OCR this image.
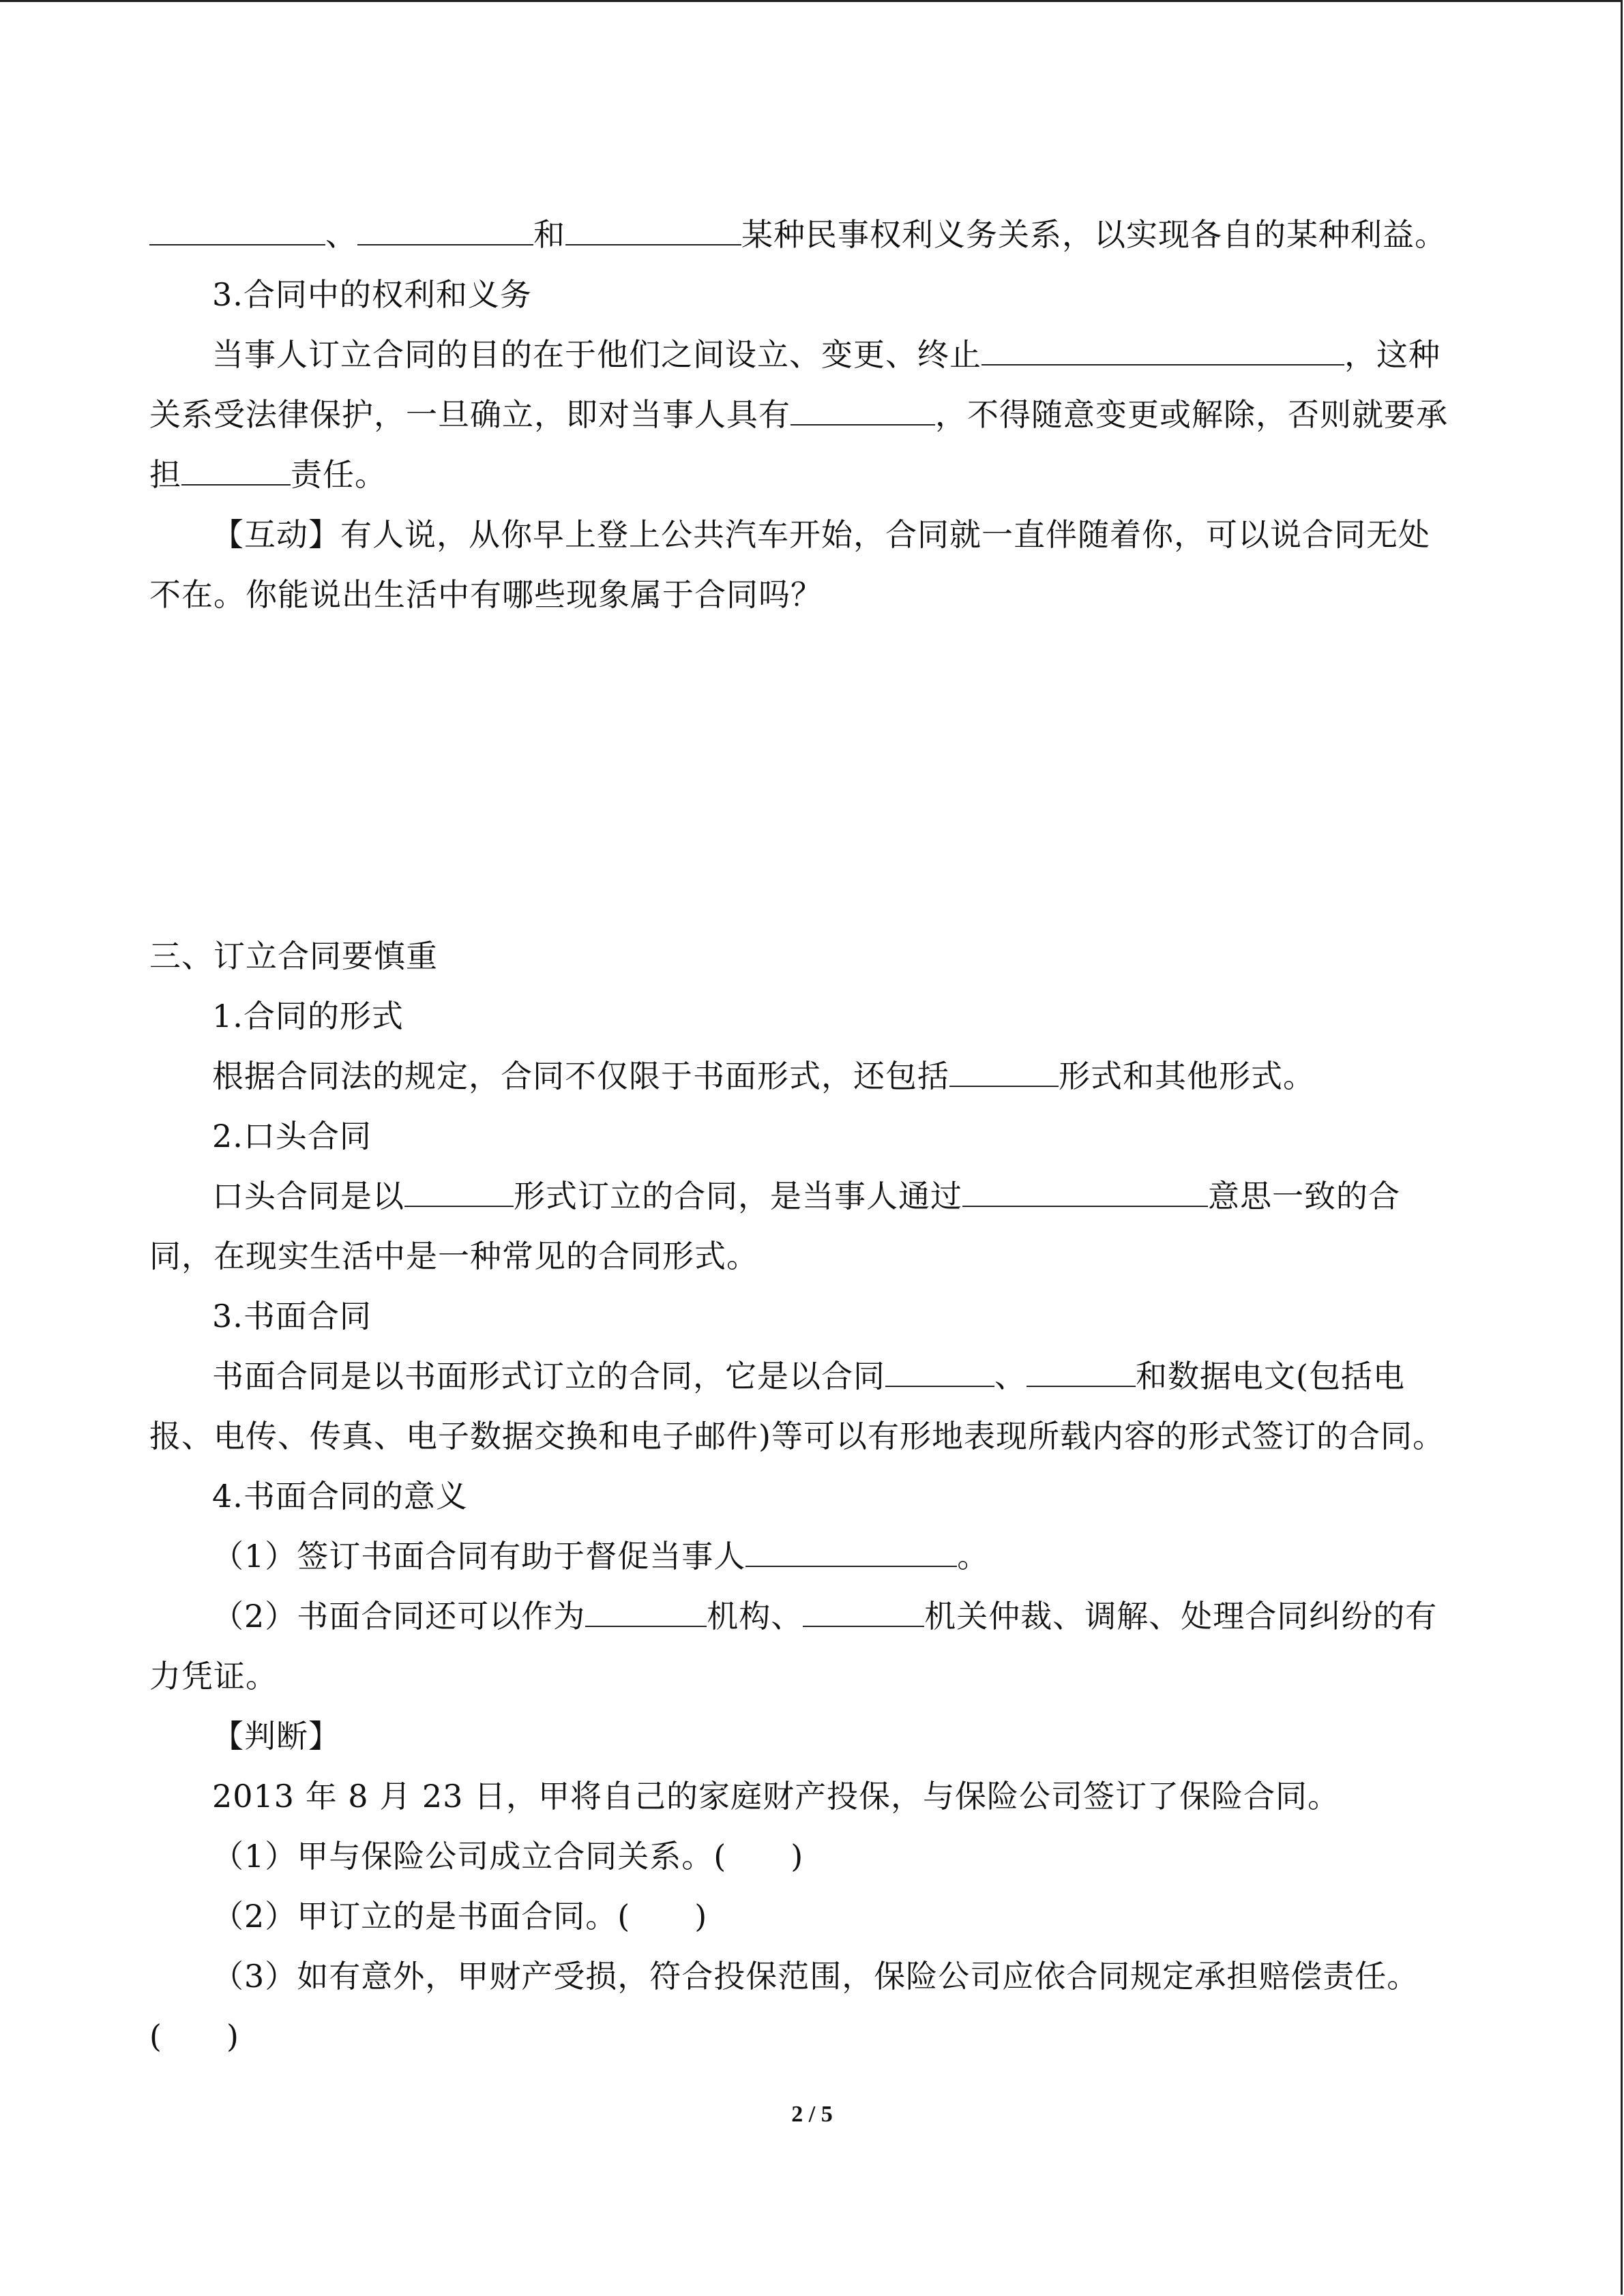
、	和	某种民事权利义务关系，以实现各自的某种利益。
3.合同中的权利和义务
当事人订立合同的目的在于他们之间设立、变更、终止	，这种
关系受法律保护，一旦确立，即对当事人具有	，不得随意变更或解除，否则就要承
担	责任。
【互动】有人说，从你早上登上公共汽车开始，合同就一直伴随着你，可以说合同无处
不在。你能说出生活中有哪些现象属于合同吗？
三、订立合同要慎重
1.合同的形式
根据合同法的规定，合同不仅限于书面形式，还包括	形式和其他形式。
2.口头合同
口头合同是以	形式订立的合同，是当事人通过	意思一致的合
同，在现实生活中是一种常见的合同形式。
3.书面合同
书面合同是以书面形式订立的合同，它是以合同	、	和数据电文(包括电
报、电传、传真、电子数据交换和电子邮件)等可以有形地表现所载内容的形式签订的合同。
4.书面合同的意义
（1）签订书面合同有助于督促当事人	。
（2）书面合同还可以作为	机构、	机关仲裁、调解、处理合同纠纷的有
力凭证。
【判断】
2013 年 8 月 23 日，甲将自己的家庭财产投保，与保险公司签订了保险合同。
（1）甲与保险公司成立合同关系。(　　)
（2）甲订立的是书面合同。(　　)
（3）如有意外，甲财产受损，符合投保范围，保险公司应依合同规定承担赔偿责任。
(　　)
2 / 5
